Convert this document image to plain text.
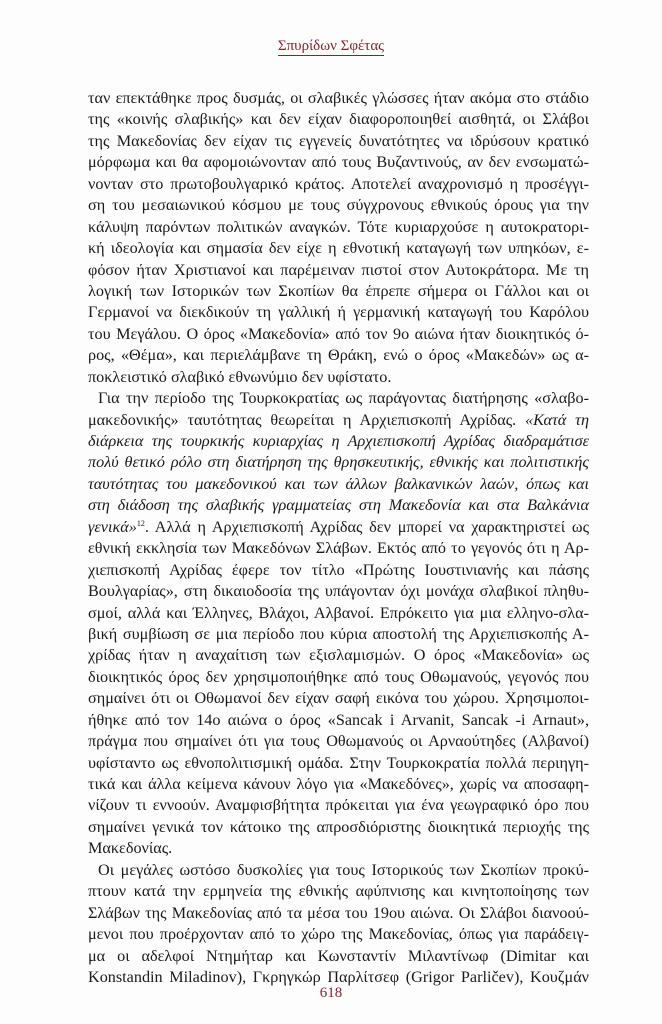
Σπυρίδων Σφέτας
ταν επεκτάθηκε προς δυσμάς, οι σλαβικές γλώσσες ήταν ακόμα στο στάδιο
της «κοινής σλαβικής» και δεν είχαν διαφοροποιηθεί αισθητά, οι Σλάβοι
της Μακεδονίας δεν είχαν τις εγγενείς δυνατότητες να ιδρύσουν κρατικό
μόρφωμα και θα αφομοιώνονταν από τους Βυζαντινούς, αν δεν ενσωματώ-
νονταν στο πρωτοβουλγαρικό κράτος. Αποτελεί αναχρονισμό η προσέγγι-
ση του μεσαιωνικού κόσμου με τους σύγχρονους εθνικούς όρους για την
κάλυψη παρόντων πολιτικών αναγκών. Τότε κυριαρχούσε η αυτοκρατορι-
κή ιδεολογία και σημασία δεν είχε η εθνοτική καταγωγή των υπηκόων, ε-
φόσον ήταν Χριστιανοί και παρέμειναν πιστοί στον Αυτοκράτορα. Με τη
λογική των Ιστορικών των Σκοπίων θα έπρεπε σήμερα οι Γάλλοι και οι
Γερμανοί να διεκδικούν τη γαλλική ή γερμανική καταγωγή του Καρόλου
του Μεγάλου. Ο όρος «Μακεδονία» από τον 9ο αιώνα ήταν διοικητικός ό-
ρος, «Θέμα», και περιελάμβανε τη Θράκη, ενώ ο όρος «Μακεδών» ως α-
ποκλειστικό σλαβικό εθνωνύμιο δεν υφίστατο.
Για την περίοδο της Τουρκοκρατίας ως παράγοντας διατήρησης «σλαβο-
μακεδονικής» ταυτότητας θεωρείται η Αρχιεπισκοπή Αχρίδας. «Κατά τη
διάρκεια της τουρκικής κυριαρχίας η Αρχιεπισκοπή Αχρίδας διαδραμάτισε
πολύ θετικό ρόλο στη διατήρηση της θρησκευτικής, εθνικής και πολιτιστικής
ταυτότητας του μακεδονικού και των άλλων βαλκανικών λαών, όπως και
στη διάδοση της σλαβικής γραμματείας στη Μακεδονία και στα Βαλκάνια
γενικά»$^{12}$. Αλλά η Αρχιεπισκοπή Αχρίδας δεν μπορεί να χαρακτηριστεί ως
εθνική εκκλησία των Μακεδόνων Σλάβων. Εκτός από το γεγονός ότι η Αρ-
χιεπισκοπή Αχρίδας έφερε τον τίτλο «Πρώτης Ιουστινιανής και πάσης
Βουλγαρίας», στη δικαιοδοσία της υπάγονταν όχι μονάχα σλαβικοί πληθυ-
σμοί, αλλά και Έλληνες, Βλάχοι, Αλβανοί. Επρόκειτο για μια ελληνο-σλα-
βική συμβίωση σε μια περίοδο που κύρια αποστολή της Αρχιεπισκοπής Α-
χρίδας ήταν η αναχαίτιση των εξισλαμισμών. Ο όρος «Μακεδονία» ως
διοικητικός όρος δεν χρησιμοποιήθηκε από τους Οθωμανούς, γεγονός που
σημαίνει ότι οι Οθωμανοί δεν είχαν σαφή εικόνα του χώρου. Χρησιμοποι-
ήθηκε από τον 14ο αιώνα ο όρος «Sancak i Arvanit, Sancak -i Arnaut»,
πράγμα που σημαίνει ότι για τους Οθωμανούς οι Αρναούτηδες (Αλβανοί)
υφίσταντο ως εθνοπολιτισμική ομάδα. Στην Τουρκοκρατία πολλά περιηγη-
τικά και άλλα κείμενα κάνουν λόγο για «Μακεδόνες», χωρίς να αποσαφη-
νίζουν τι εννοούν. Αναμφισβήτητα πρόκειται για ένα γεωγραφικό όρο που
σημαίνει γενικά τον κάτοικο της απροσδιόριστης διοικητικά περιοχής της
Μακεδονίας.
Οι μεγάλες ωστόσο δυσκολίες για τους Ιστορικούς των Σκοπίων προκύ-
πτουν κατά την ερμηνεία της εθνικής αφύπνισης και κινητοποίησης των
Σλάβων της Μακεδονίας από τα μέσα του 19ου αιώνα. Οι Σλάβοι διανοού-
μενοι που προέρχονταν από το χώρο της Μακεδονίας, όπως για παράδειγ-
μα οι αδελφοί Ντημήταρ και Κωνσταντίν Μιλαντίνωφ (Dimitar και
Konstandin Miladinov), Γκρηγκώρ Παρλίτσεφ (Grigor Parličev), Κουζμάν
618
